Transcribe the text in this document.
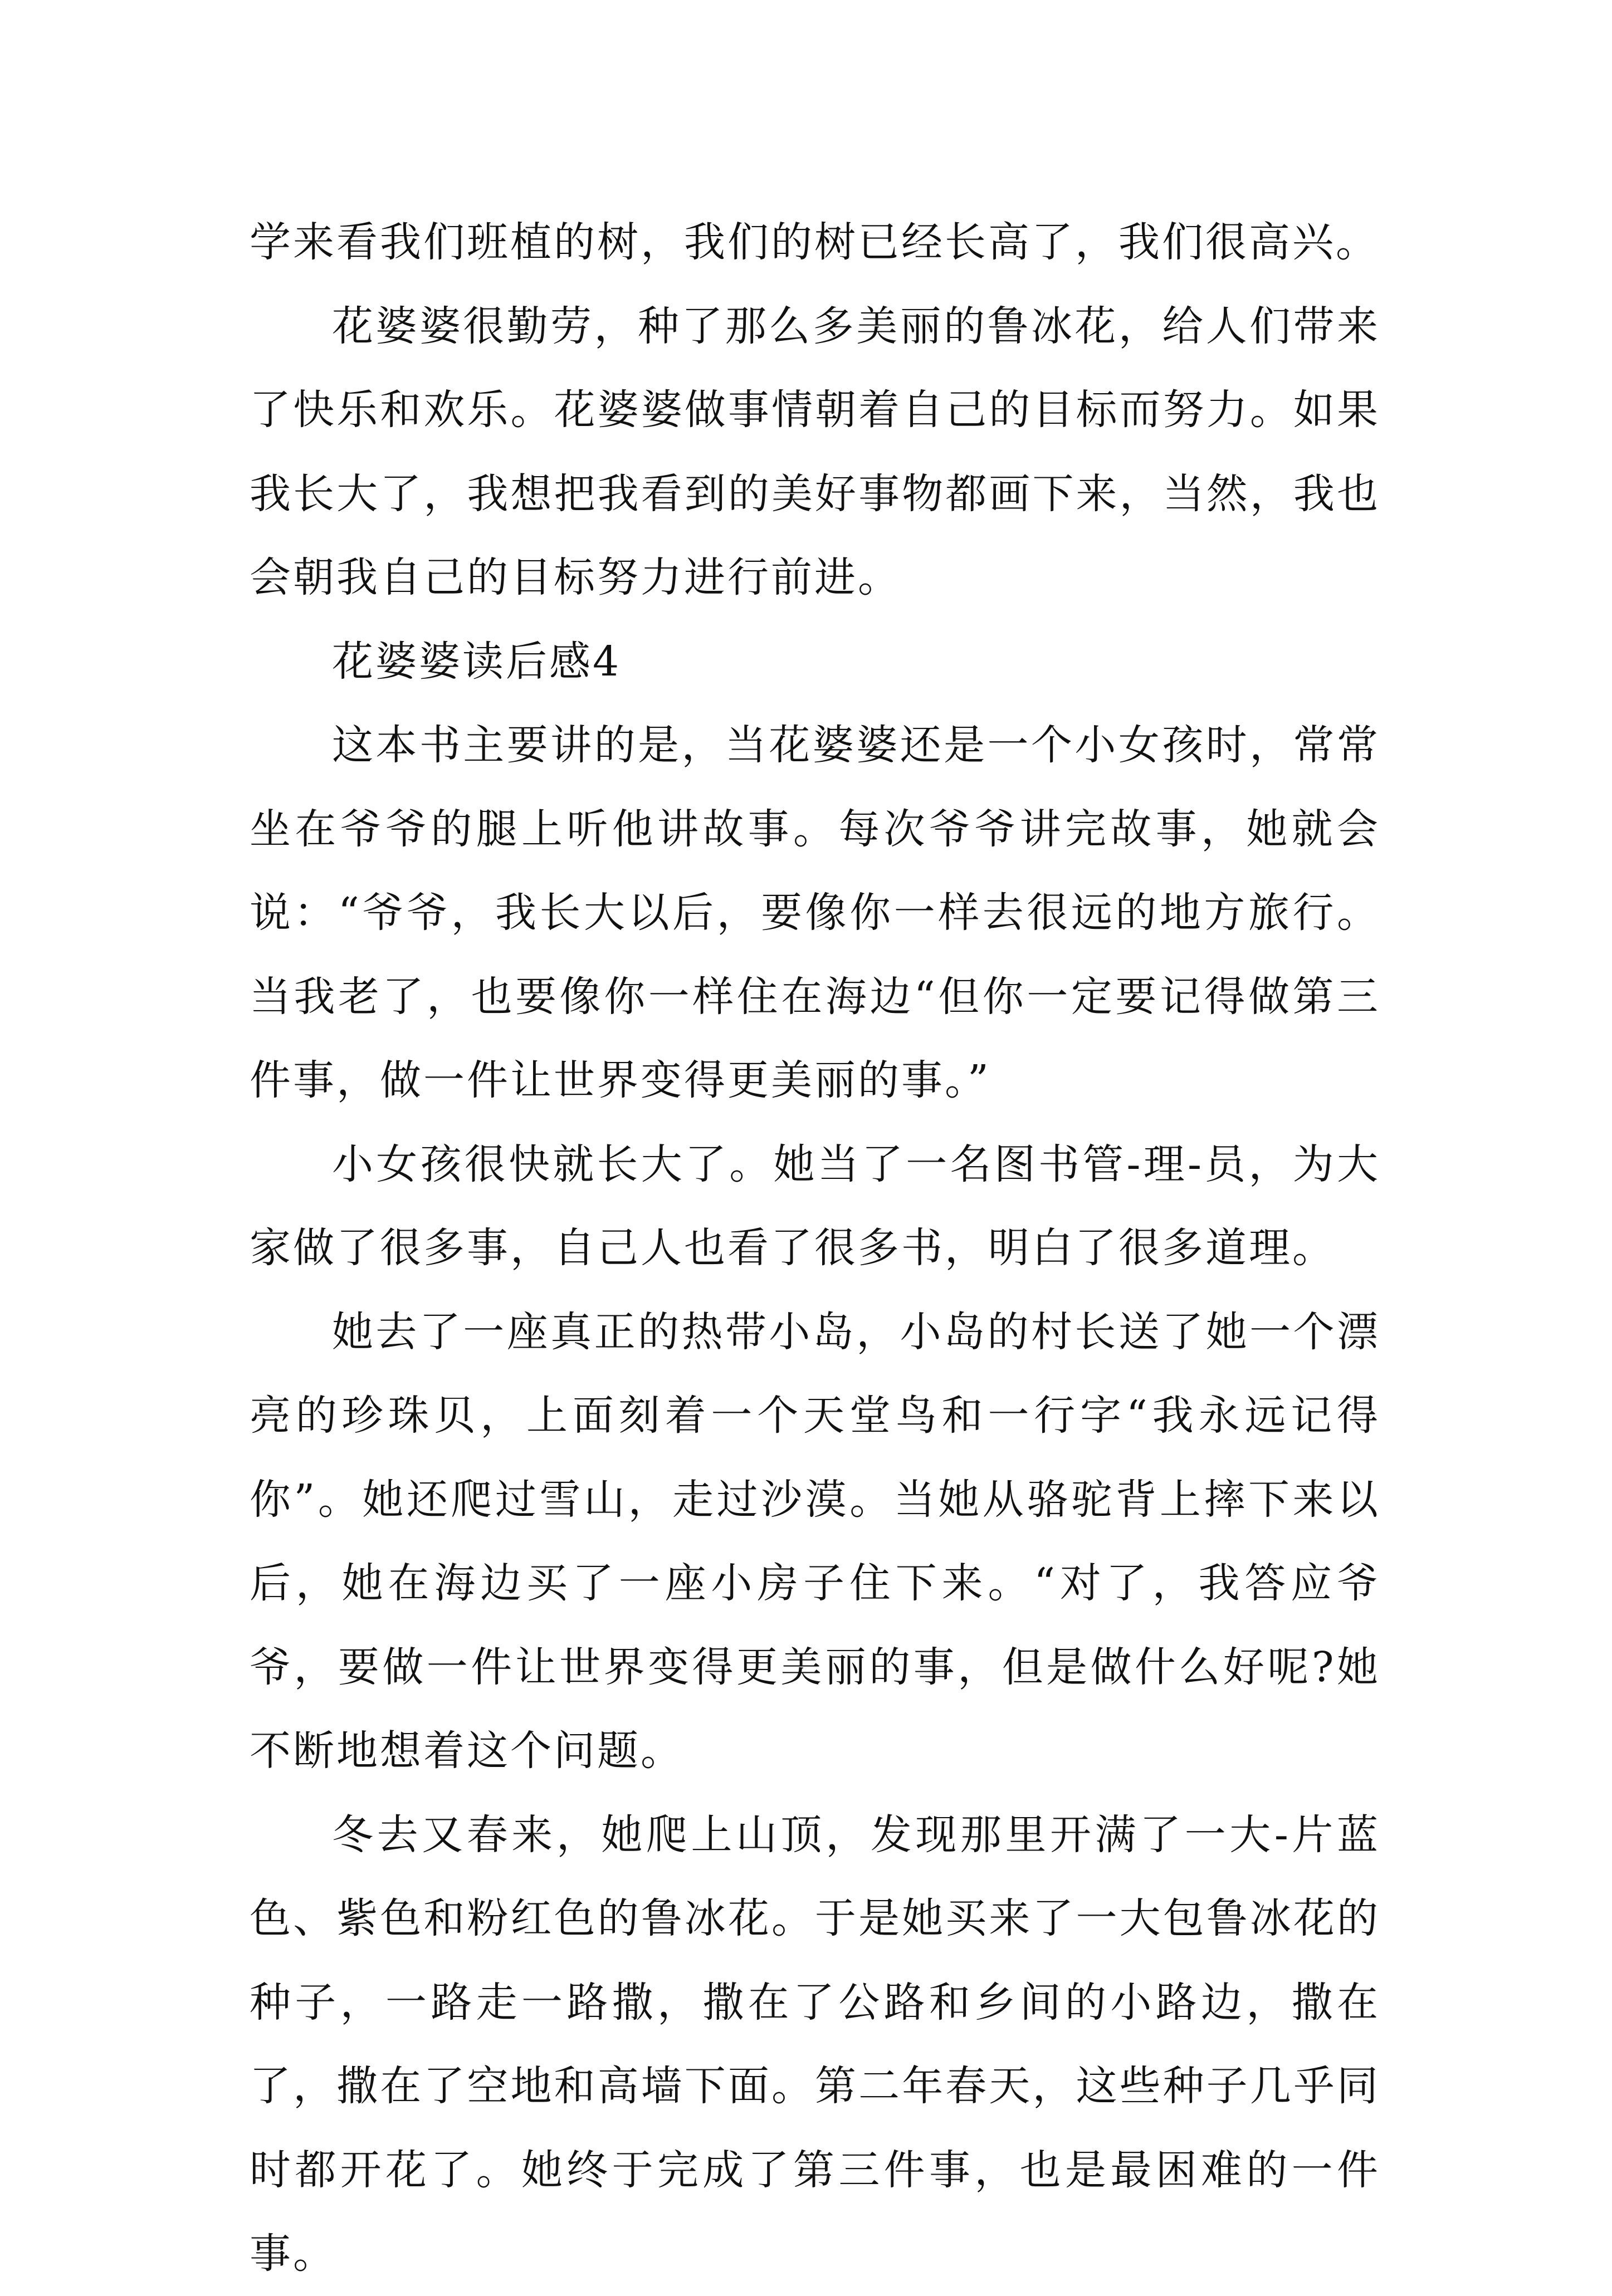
学来看我们班植的树，我们的树已经长高了，我们很高兴。

花婆婆很勤劳，种了那么多美丽的鲁冰花，给人们带来了快乐和欢乐。花婆婆做事情朝着自己的目标而努力。如果我长大了，我想把我看到的美好事物都画下来，当然，我也会朝我自己的目标努力进行前进。

花婆婆读后感4

这本书主要讲的是，当花婆婆还是一个小女孩时，常常坐在爷爷的腿上听他讲故事。每次爷爷讲完故事，她就会说：“爷爷，我长大以后，要像你一样去很远的地方旅行。当我老了，也要像你一样住在海边“但你一定要记得做第三件事，做一件让世界变得更美丽的事。”

小女孩很快就长大了。她当了一名图书管-理-员，为大家做了很多事，自己人也看了很多书，明白了很多道理。

她去了一座真正的热带小岛，小岛的村长送了她一个漂亮的珍珠贝，上面刻着一个天堂鸟和一行字“我永远记得你”。她还爬过雪山，走过沙漠。当她从骆驼背上摔下来以后，她在海边买了一座小房子住下来。“对了，我答应爷爷，要做一件让世界变得更美丽的事，但是做什么好呢?她不断地想着这个问题。

冬去又春来，她爬上山顶，发现那里开满了一大-片蓝色、紫色和粉红色的鲁冰花。于是她买来了一大包鲁冰花的种子，一路走一路撒，撒在了公路和乡间的小路边，撒在了，撒在了空地和高墙下面。第二年春天，这些种子几乎同时都开花了。她终于完成了第三件事，也是最困难的一件事。
